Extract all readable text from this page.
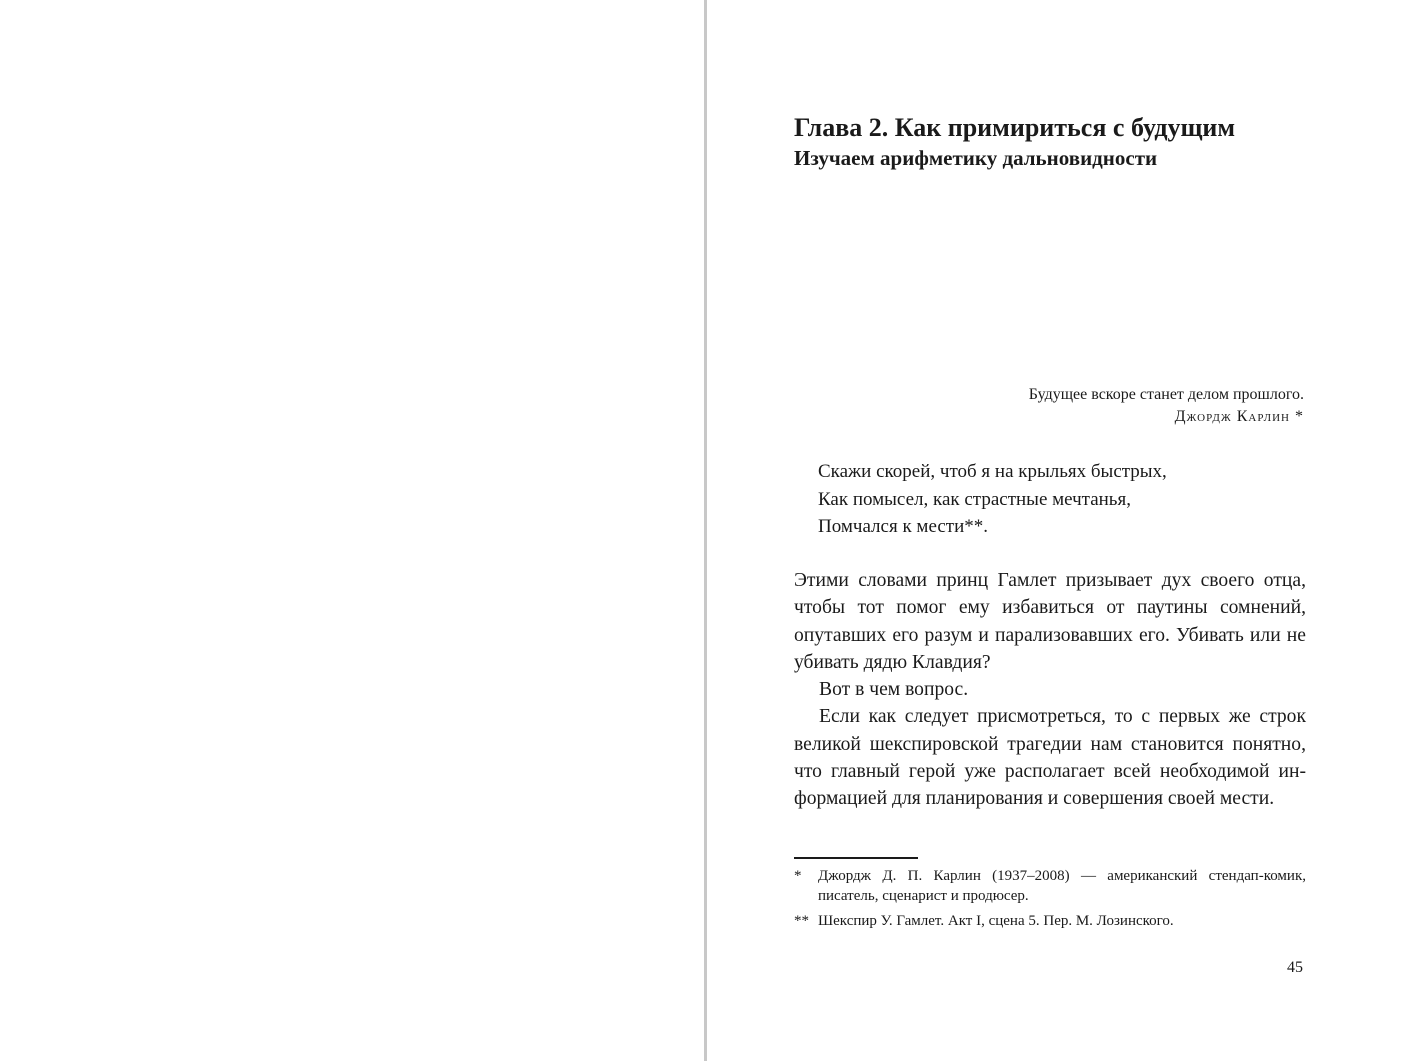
Глава 2. Как примириться с будущим
Изучаем арифметику дальновидности
Будущее вскоре станет делом прошлого.
Джордж Карлин *
Скажи скорей, чтоб я на крыльях быстрых,
Как помысел, как страстные мечтанья,
Помчался к мести**.

Этими словами принц Гамлет призывает дух своего отца, чтобы тот помог ему избавиться от паутины сомнений, опутавших его разум и парализовавших его. Убивать или не убивать дядю Клавдия?

Вот в чем вопрос.

Если как следует присмотреться, то с первых же строк великой шекспировской трагедии нам становится понятно, что главный герой уже располагает всей необходимой информацией для планирования и совершения своей мести.

*	Джордж Д. П. Карлин (1937–2008) — американский стендап-комик, писатель, сценарист и продюсер.
** Шекспир У. Гамлет. Акт I, сцена 5. Пер. М. Лозинского.
45
